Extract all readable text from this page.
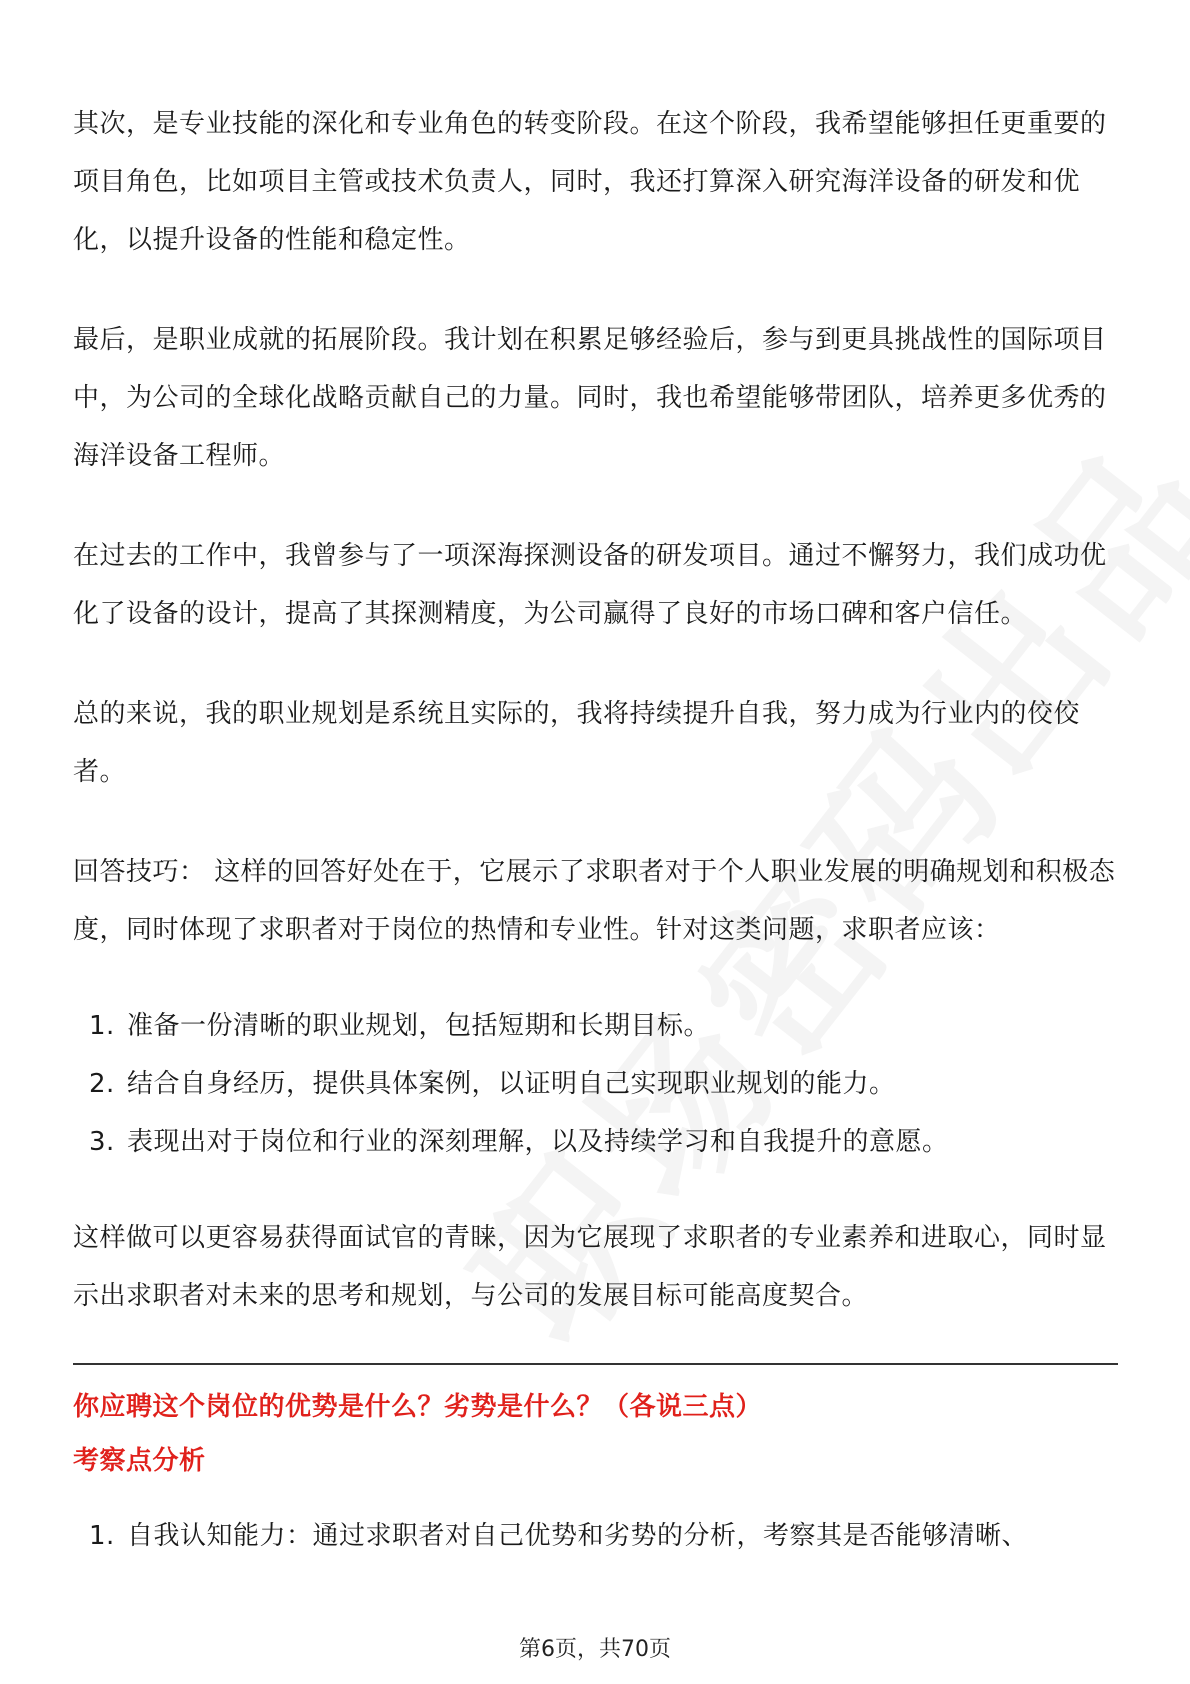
其次，是专业技能的深化和专业角色的转变阶段。在这个阶段，我希望能够担任更重要的项目角色，比如项目主管或技术负责人，同时，我还打算深入研究海洋设备的研发和优化，以提升设备的性能和稳定性。

最后，是职业成就的拓展阶段。我计划在积累足够经验后，参与到更具挑战性的国际项目中，为公司的全球化战略贡献自己的力量。同时，我也希望能够带团队，培养更多优秀的海洋设备工程师。

在过去的工作中，我曾参与了一项深海探测设备的研发项目。通过不懈努力，我们成功优化了设备的设计，提高了其探测精度，为公司赢得了良好的市场口碑和客户信任。

总的来说，我的职业规划是系统且实际的，我将持续提升自我，努力成为行业内的佼佼者。

回答技巧： 这样的回答好处在于，它展示了求职者对于个人职业发展的明确规划和积极态度，同时体现了求职者对于岗位的热情和专业性。针对这类问题，求职者应该：

1. 准备一份清晰的职业规划，包括短期和长期目标。
2. 结合自身经历，提供具体案例，以证明自己实现职业规划的能力。
3. 表现出对于岗位和行业的深刻理解，以及持续学习和自我提升的意愿。

这样做可以更容易获得面试官的青睐，因为它展现了求职者的专业素养和进取心，同时显示出求职者对未来的思考和规划，与公司的发展目标可能高度契合。

你应聘这个岗位的优势是什么？劣势是什么？（各说三点）
考察点分析
1. 自我认知能力：通过求职者对自己优势和劣势的分析，考察其是否能够清晰、
第6页，共70页
